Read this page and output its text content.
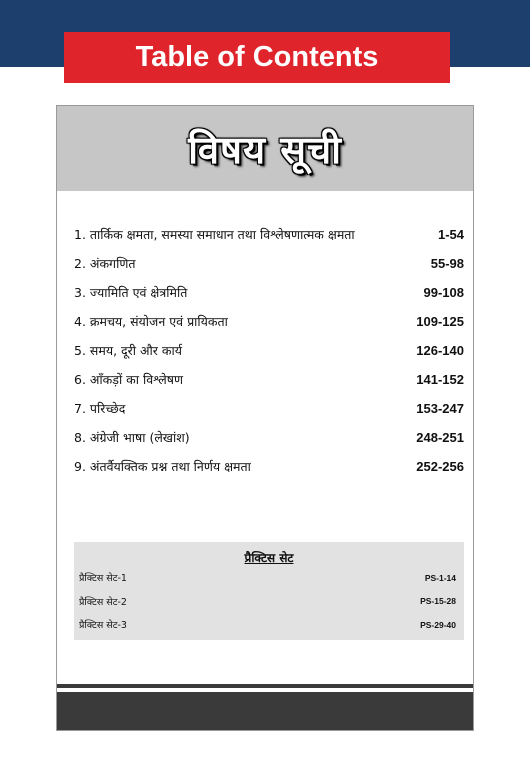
Table of Contents
विषय सूची
1. तार्किक क्षमता, समस्या समाधान तथा विश्लेषणात्मक क्षमता	1-54
2. अंकगणित	55-98
3. ज्यामिति एवं क्षेत्रमिति	99-108
4. क्रमचय, संयोजन एवं प्रायिकता	109-125
5. समय, दूरी और कार्य	126-140
6. आँकड़ों का विश्लेषण	141-152
7. परिच्छेद	153-247
8. अंग्रेजी भाषा (लेखांश)	248-251
9. अंतर्वैयक्तिक प्रश्न तथा निर्णय क्षमता	252-256
प्रैक्टिस सेट
प्रैक्टिस सेट-1	PS-1-14
प्रैक्टिस सेट-2	PS-15-28
प्रैक्टिस सेट-3	PS-29-40
